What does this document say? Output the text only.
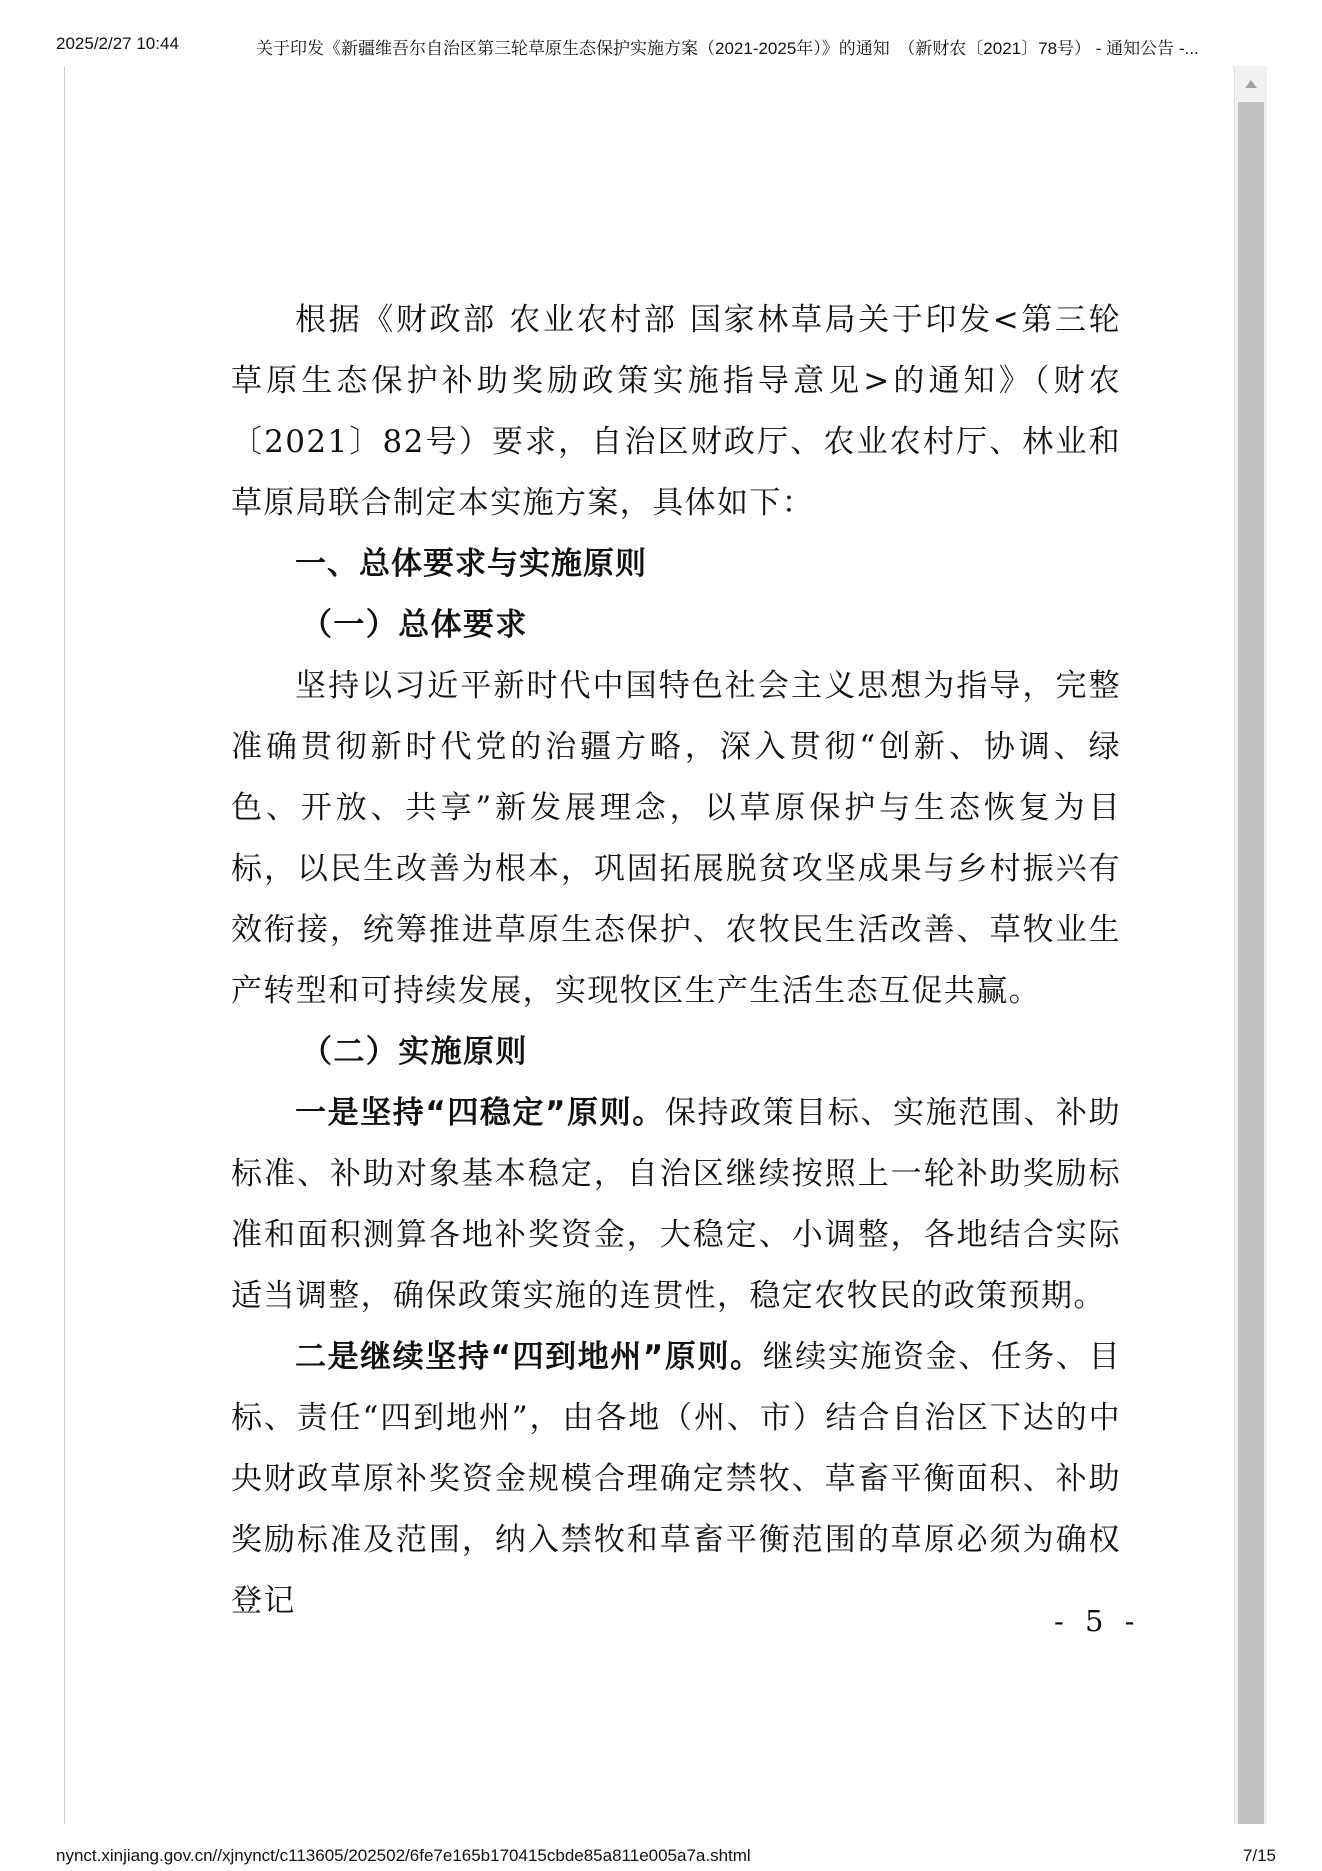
2025/2/27 10:44	关于印发《新疆维吾尔自治区第三轮草原生态保护实施方案（2021-2025年）》的通知　（新财农〔2021〕78号） - 通知公告 -...

根据《财政部 农业农村部 国家林草局关于印发<第三轮草原生态保护补助奖励政策实施指导意见>的通知》（财农〔2021〕82号）要求，自治区财政厅、农业农村厅、林业和草原局联合制定本实施方案，具体如下：

一、总体要求与实施原则

（一）总体要求

坚持以习近平新时代中国特色社会主义思想为指导，完整准确贯彻新时代党的治疆方略，深入贯彻“创新、协调、绿色、开放、共享”新发展理念，以草原保护与生态恢复为目标，以民生改善为根本，巩固拓展脱贫攻坚成果与乡村振兴有效衔接，统筹推进草原生态保护、农牧民生活改善、草牧业生产转型和可持续发展，实现牧区生产生活生态互促共赢。

（二）实施原则

一是坚持“四稳定”原则。保持政策目标、实施范围、补助标准、补助对象基本稳定，自治区继续按照上一轮补助奖励标准和面积测算各地补奖资金，大稳定、小调整，各地结合实际适当调整，确保政策实施的连贯性，稳定农牧民的政策预期。

二是继续坚持“四到地州”原则。继续实施资金、任务、目标、责任“四到地州”，由各地（州、市）结合自治区下达的中央财政草原补奖资金规模合理确定禁牧、草畜平衡面积、补助奖励标准及范围，纳入禁牧和草畜平衡范围的草原必须为确权登记

- 5 -
nynct.xinjiang.gov.cn//xjnynct/c113605/202502/6fe7e165b170415cbde85a811e005a7a.shtml	7/15
